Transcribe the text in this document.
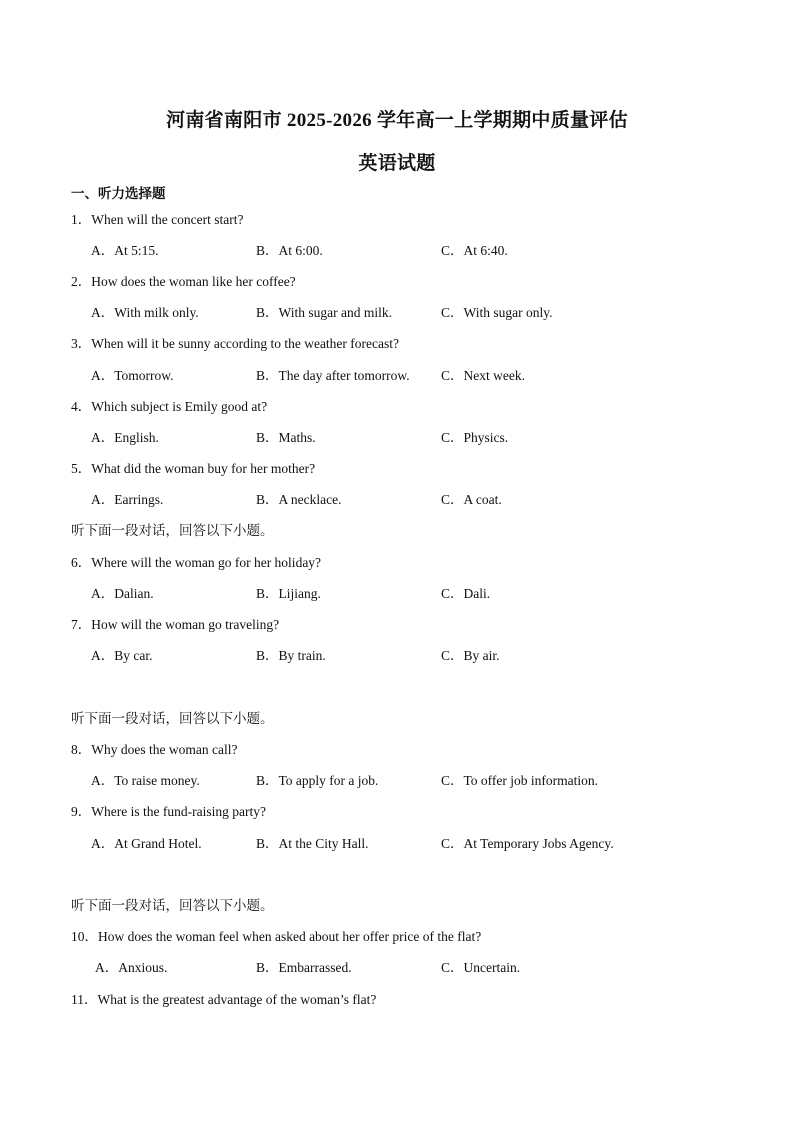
河南省南阳市 2025-2026 学年高一上学期期中质量评估
英语试题
一、听力选择题
1．When will the concert start?
A．At 5:15.	B．At 6:00.	C．At 6:40.
2．How does the woman like her coffee?
A．With milk only.	B．With sugar and milk.	C．With sugar only.
3．When will it be sunny according to the weather forecast?
A．Tomorrow.	B．The day after tomorrow. C．Next week.
4．Which subject is Emily good at?
A．English.	B．Maths.	C．Physics.
5．What did the woman buy for her mother?
A．Earrings.	B．A necklace.	C．A coat.
听下面一段对话，回答以下小题。
6．Where will the woman go for her holiday?
A．Dalian.	B．Lijiang.	C．Dali.
7．How will the woman go traveling?
A．By car.	B．By train.	C．By air.
听下面一段对话，回答以下小题。
8．Why does the woman call?
A．To raise money.	B．To apply for a job.	C．To offer job information.
9．Where is the fund-raising party?
A．At Grand Hotel.	B．At the City Hall.	C．At Temporary Jobs Agency.
听下面一段对话，回答以下小题。
10．How does the woman feel when asked about her offer price of the flat?
A．Anxious.	B．Embarrassed.	C．Uncertain.
11．What is the greatest advantage of the woman’s flat?
